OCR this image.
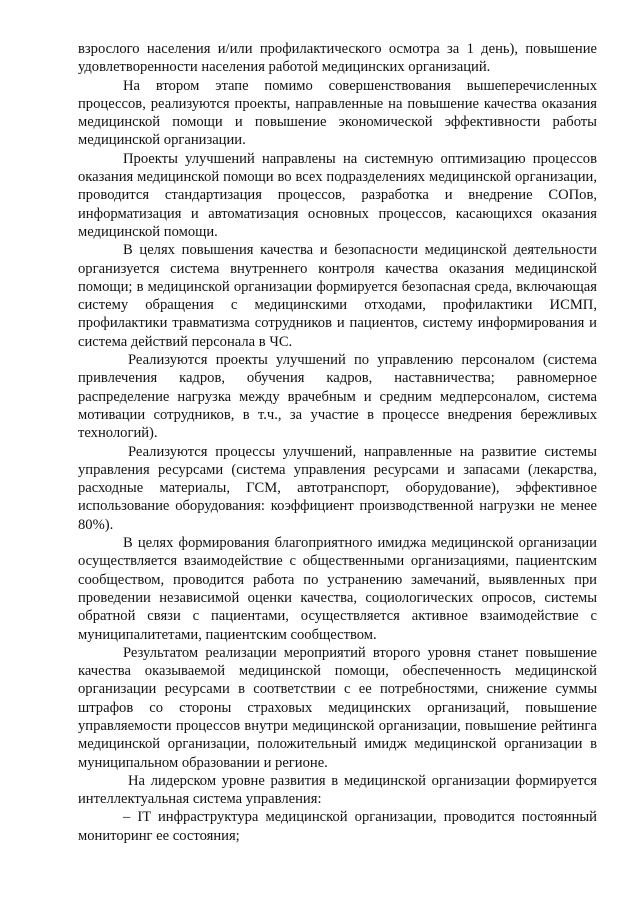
взрослого населения и/или профилактического осмотра за 1 день), повышение удовлетворенности населения работой медицинских организаций.

На втором этапе помимо совершенствования вышеперечисленных процессов, реализуются проекты, направленные на повышение качества оказания медицинской помощи и повышение экономической эффективности работы медицинской организации.

Проекты улучшений направлены на системную оптимизацию процессов оказания медицинской помощи во всех подразделениях медицинской организации, проводится стандартизация процессов, разработка и внедрение СОПов, информатизация и автоматизация основных процессов, касающихся оказания медицинской помощи.

В целях повышения качества и безопасности медицинской деятельности организуется система внутреннего контроля качества оказания медицинской помощи; в медицинской организации формируется безопасная среда, включающая систему обращения с медицинскими отходами, профилактики ИСМП, профилактики травматизма сотрудников и пациентов, систему информирования и система действий персонала в ЧС.

Реализуются проекты улучшений по управлению персоналом (система привлечения кадров, обучения кадров, наставничества; равномерное распределение нагрузка между врачебным и средним медперсоналом, система мотивации сотрудников, в т.ч., за участие в процессе внедрения бережливых технологий).

Реализуются процессы улучшений, направленные на развитие системы управления ресурсами (система управления ресурсами и запасами (лекарства, расходные материалы, ГСМ, автотранспорт, оборудование), эффективное использование оборудования: коэффициент производственной нагрузки не менее 80%).

В целях формирования благоприятного имиджа медицинской организации осуществляется взаимодействие с общественными организациями, пациентским сообществом, проводится работа по устранению замечаний, выявленных при проведении независимой оценки качества, социологических опросов, системы обратной связи с пациентами, осуществляется активное взаимодействие с муниципалитетами, пациентским сообществом.

Результатом реализации мероприятий второго уровня станет повышение качества оказываемой медицинской помощи, обеспеченность медицинской организации ресурсами в соответствии с ее потребностями, снижение суммы штрафов со стороны страховых медицинских организаций, повышение управляемости процессов внутри медицинской организации, повышение рейтинга медицинской организации, положительный имидж медицинской организации в муниципальном образовании и регионе.

На лидерском уровне развития в медицинской организации формируется интеллектуальная система управления:

– IT инфраструктура медицинской организации, проводится постоянный мониторинг ее состояния;
